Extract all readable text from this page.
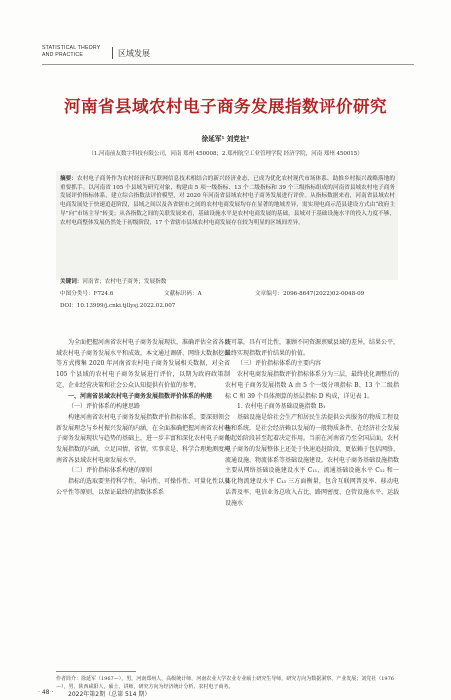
STATISTICAL THEORY
AND PRACTICE	区域发展
河南省县域农村电子商务发展指数评价研究
徐延军¹ 刘党社²
（1.河南前友数字科技有限公司，河南 郑州 450008；2.郑州航空工业管理学院 经济学院，河南 郑州 450015）
摘要：农村电子商务作为农村经济和互联网信息技术相结合的新兴经济业态，已成为优化农村现代市场体系、助推乡村振兴战略落地的重要抓手。以河南省 105 个县域为研究对象，构建由 5 项一级指标、13 个二级指标和 39 个三级指标组成的河南省县域农村电子商务发展评价指标体系，建立综合指数法评价模型，对 2020 年河南省县域农村电子商务发展进行评价。从指标数据来看，河南省县域农村电商发展处于快速追赶阶段，县域之间以及各省辖市之间的农村电商发展均存在显著的地域差异，需实现电商示范县建设方式由“政府主导”向“市场主导”转变；从各指数之间的关联发展来看，基础设施水平是农村电商发展的基础，县域对于基础设施水平的投入力度不够，农村电商整体发展仍然处于初级阶段，17 个省辖市县域农村电商发展存在较为明显的区域间差异。
关键词：河南省；农村电子商务；发展指数
中图分类号：F724.6	文献标识码：A	文章编号：2096-8647(2022)02-0048-09
DOI：10.13999/j.cnki.tjllysj.2022.02.007

为全面把握河南省农村电子商务发展现状，准确评估全省各县域农村电子商务发展水平和成效，本文通过调研、网络大数据挖掘等方式搜集 2020 年河南省农村电子商务发展相关数据，对全省 105 个县域的农村电子商务发展进行评价，以期为政府政策制定、企业经营决策和社会公众认知提供有价值的参考。

一、河南省县域农村电子商务发展指数评价体系的构建
（一）评价体系的构建思路

构建河南省农村电子商务发展指数评价指标体系，要深刻领会新发展理念与乡村振兴发展的内涵，在全面准确把握河南省农村电子商务发展现状与趋势的基础上，进一步丰富和深化农村电子商务发展指数的内涵，立足国情、省情，实事求是、科学合理地测度河南省各县域农村电商发展水平。

（二）评价指标体系构建的原则

指标的选取要坚持科学性、导向性、可操作性、可量化性以及公平性等原则，以保证最终的指数体系系

统可靠，具有可比性，兼顾不同资源禀赋县域的差异，结果公平，最终实现指数评价结果的价值。
（三）评价指标体系的主要内容

农村电商发展指数评价指标体系分为三层，最终优化调整后的农村电子商务发展指数 A 由 5 个一级分项指标 B、13 个二级指标 C 和 39 个具体测算的基层指标 D 构成，详见表 1。

1. 农村电子商务基础设施指数 B₁

基础设施是给社会生产和居民生活提供公共服务的物质工程设施和系统，是社会经济赖以发展的一般物质条件，在经济社会发展的起始阶段甚至起着决定作用。当前在河南省乃至全国层面，农村电子商务的发展整体上还处于快速追赶阶段，更依赖于包括网络、流通设施、物流体系等基础设施建设。农村电子商务基础设施指数主要从网络基础设施建设水平 C₁₁、流通基础设施水平 C₁₂ 和一体化物流建设水平 C₁₃ 三方面衡量，包含互联网普及率、移动电话普及率、电信业务总收入占比、路网密度、仓管设施水平、运载设施水

作者简介：徐延军（1967—），男，河南郑州人，高级统计师，河南农业大学农业专业硕士研究生导师，研究方向为数据洞察、产业发展；刘党社（1976—），男，陕西咸阳人，硕士，讲师，研究方向为经济统计分析、农村电子商务。
· 48 · 2022年第2期（总第 514 期）
